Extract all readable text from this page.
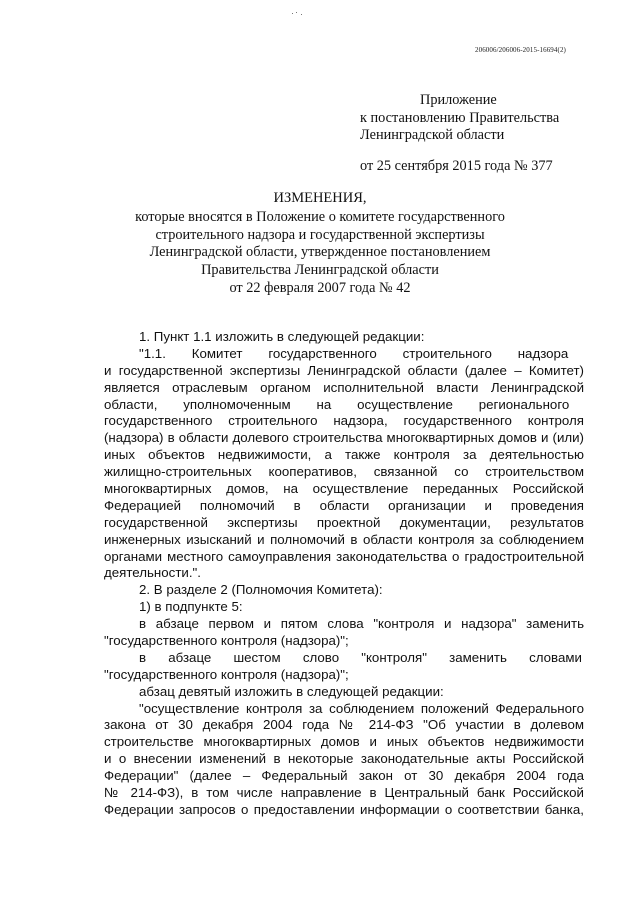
206006/206006-2015-16694(2)
Приложение
к постановлению Правительства
Ленинградской области
от 25 сентября 2015 года № 377
ИЗМЕНЕНИЯ,
которые вносятся в Положение о комитете государственного
строительного надзора и государственной экспертизы
Ленинградской области, утвержденное постановлением
Правительства Ленинградской области
от 22 февраля 2007 года № 42
1. Пункт 1.1 изложить в следующей редакции:
"1.1.       Комитет       государственного       строительного       надзора
и государственной экспертизы Ленинградской области (далее – Комитет)
является отраслевым органом исполнительной власти Ленинградской
области,       уполномоченным       на       осуществление       регионального
государственного строительного надзора, государственного контроля
(надзора) в области долевого строительства многоквартирных домов и (или)
иных объектов недвижимости, а также контроля за деятельностью
жилищно-строительных кооперативов, связанной со строительством
многоквартирных домов, на осуществление переданных Российской
Федерацией полномочий в области организации и проведения
государственной экспертизы проектной документации, результатов
инженерных изысканий и полномочий в области контроля за соблюдением
органами местного самоуправления законодательства о градостроительной
деятельности.".
2. В разделе 2 (Полномочия Комитета):
1) в подпункте 5:
в абзаце первом и пятом слова "контроля и надзора" заменить
"государственного контроля (надзора)";
в      абзаце      шестом      слово      "контроля"      заменить      словами
"государственного контроля (надзора)";
абзац девятый изложить в следующей редакции:
"осуществление контроля за соблюдением положений Федерального
закона от 30 декабря 2004 года № 214-ФЗ "Об участии в долевом
строительстве многоквартирных домов и иных объектов недвижимости
и о внесении изменений в некоторые законодательные акты Российской
Федерации" (далее – Федеральный закон от 30 декабря 2004 года
№ 214-ФЗ), в том числе направление в Центральный банк Российской
Федерации запросов о предоставлении информации о соответствии банка,
